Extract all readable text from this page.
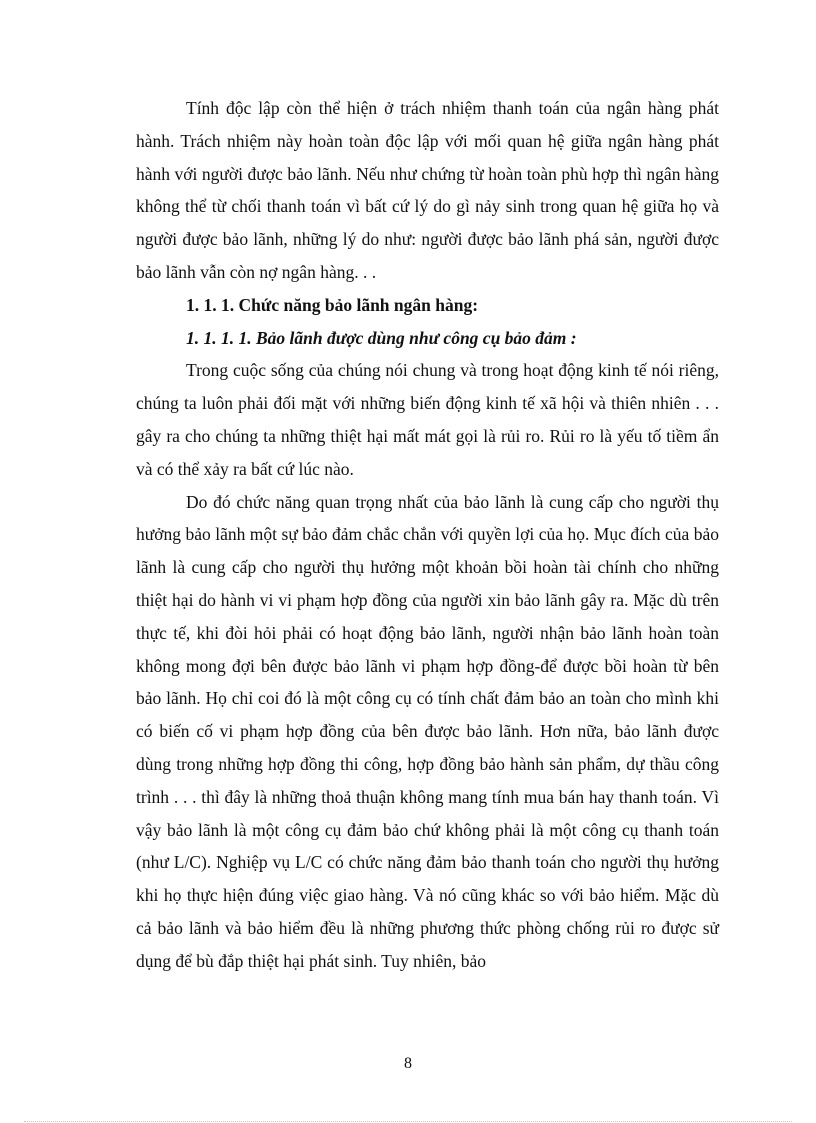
Tính độc lập còn thể hiện ở trách nhiệm thanh toán của ngân hàng phát hành. Trách nhiệm này hoàn toàn độc lập với mối quan hệ giữa ngân hàng phát hành với người được bảo lãnh. Nếu như chứng từ hoàn toàn phù hợp thì ngân hàng không thể từ chối thanh toán vì bất cứ lý do gì nảy sinh trong quan hệ giữa họ và người được bảo lãnh, những lý do như: người được bảo lãnh phá sản, người được bảo lãnh vẫn còn nợ ngân hàng. . .

1. 1. 1. Chức năng bảo lãnh ngân hàng:

1. 1. 1. 1. Bảo lãnh được dùng như công cụ bảo đảm :

Trong cuộc sống của chúng nói chung và trong hoạt động kinh tế nói riêng, chúng ta luôn phải đối mặt với những biến động kinh tế xã hội và thiên nhiên . . . gây ra cho chúng ta những thiệt hại mất mát gọi là rủi ro. Rủi ro là yếu tố tiềm ẩn và có thể xảy ra bất cứ lúc nào.

Do đó chức năng quan trọng nhất của bảo lãnh là cung cấp cho người thụ hưởng bảo lãnh một sự bảo đảm chắc chắn với quyền lợi của họ. Mục đích của bảo lãnh là cung cấp cho người thụ hưởng một khoản bồi hoàn tài chính cho những thiệt hại do hành vi vi phạm hợp đồng của người xin bảo lãnh gây ra. Mặc dù trên thực tế, khi đòi hỏi phải có hoạt động bảo lãnh, người nhận bảo lãnh hoàn toàn không mong đợi bên được bảo lãnh vi phạm hợp đồng-để được bồi hoàn từ bên bảo lãnh. Họ chỉ coi đó là một công cụ có tính chất đảm bảo an toàn cho mình khi có biến cố vi phạm hợp đồng của bên được bảo lãnh. Hơn nữa, bảo lãnh được dùng trong những hợp đồng thi công, hợp đồng bảo hành sản phẩm, dự thầu công trình . . . thì đây là những thoả thuận không mang tính mua bán hay thanh toán. Vì vậy bảo lãnh là một công cụ đảm bảo chứ không phải là một công cụ thanh toán (như L/C). Nghiệp vụ L/C có chức năng đảm bảo thanh toán cho người thụ hưởng khi họ thực hiện đúng việc giao hàng. Và nó cũng khác so với bảo hiểm. Mặc dù cả bảo lãnh và bảo hiểm đều là những phương thức phòng chống rủi ro được sử dụng để bù đắp thiệt hại phát sinh. Tuy nhiên, bảo

8
